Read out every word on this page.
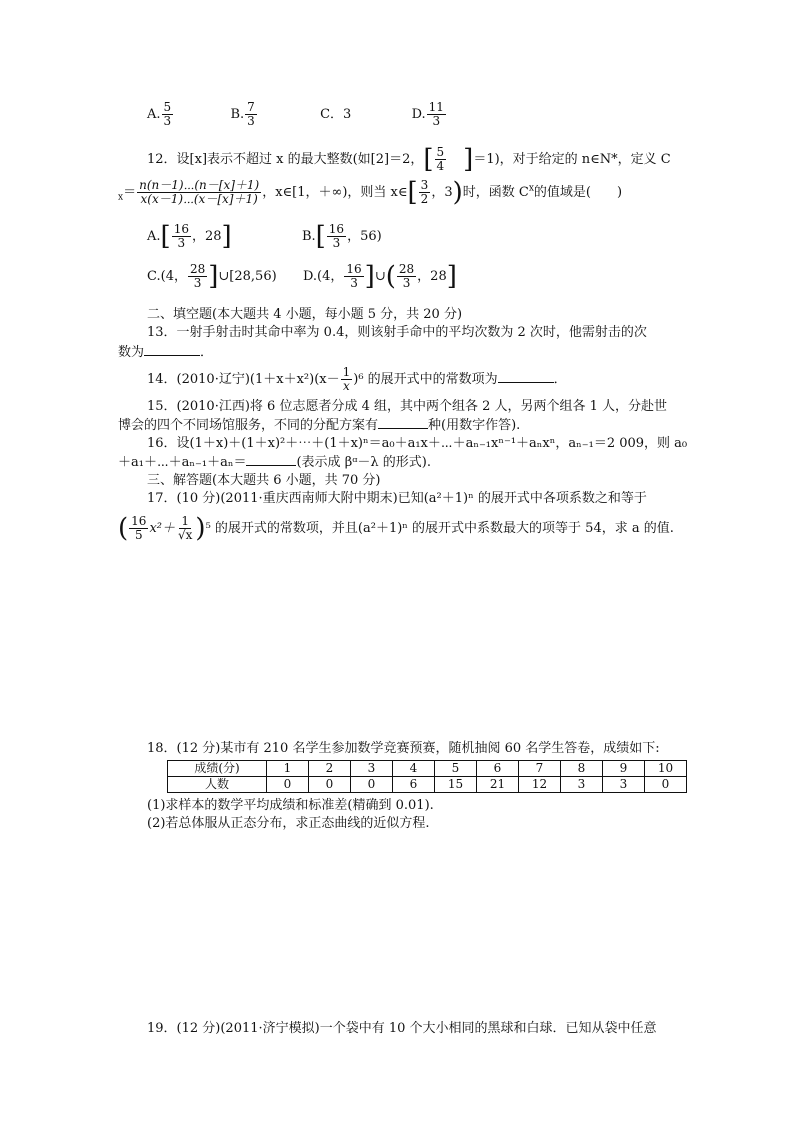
A. $\frac{5}{3}$	B. $\frac{7}{3}$	C．3	D. $\frac{11}{3}$
12．设[x]表示不超过 x 的最大整数(如[2]＝2，[ $\frac{5}{4} ]=1$)，对于给定的 n∈N*，定义 C
$_x= \frac{n(n-1)\cdots(n-[x]+1)}{x(x-1)\cdots(x-[x]+1)}$ ，x∈[1，＋∞)，则当 x∈[ $\frac{3}{2}$ ，3)时，函数 $C^x$的值域是(　　)
$A.[ \frac{16}{3}$ ，28]	$B.[ \frac{16}{3}$ ，56)
C.(4， $\frac{28}{3}$ ]∪[28,56) D.(4， $\frac{16}{3}$ ]∪( $\frac{28}{3}$ ，28]
二、填空题(本大题共 4 小题，每小题 5 分，共 20 分)
13．一射手射击时其命中率为 0.4，则该射手命中的平均次数为 2 次时，他需射击的次
数为	．
14．(2010·辽宁)$(1+x+x^2)(x- \frac{1}{x} )^6$ 的展开式中的常数项为	．
15．(2010·江西)将 6 位志愿者分成 4 组，其中两个组各 2 人，另两个组各 1 人，分赴世
博会的四个不同场馆服务，不同的分配方案有	种(用数字作答).
16．设(1＋x)＋(1＋x)²＋⋯＋(1＋x)ⁿ＝a₀＋a₁x＋⋯＋aₙ₋₁xⁿ⁻¹＋aₙxⁿ，aₙ₋₁＝2 009，则 a₀
＋a₁＋⋯＋aₙ₋₁＋aₙ＝	(表示成 βᵅ－λ 的形式).
三、解答题(本大题共 6 小题，共 70 分)
17．(10 分)(2011·重庆西南师大附中期末)已知(a²＋1)ⁿ 的展开式中各项系数之和等于
( $\frac{16}{5} x^2+ \frac{1}{√x} )^5$ 的展开式的常数项，并且(a²＋1)ⁿ 的展开式中系数最大的项等于 54，求 a 的值.
18．(12 分)某市有 210 名学生参加数学竞赛预赛，随机抽阅 60 名学生答卷，成绩如下:
成绩(分)	1	2	3	4	5	6	7	8	9	10
人数	0	0	0	6	15	21	12	3	3	0
(1)求样本的数学平均成绩和标准差(精确到 0.01).
(2)若总体服从正态分布，求正态曲线的近似方程.
19．(12 分)(2011·济宁模拟)一个袋中有 10 个大小相同的黑球和白球．已知从袋中任意
